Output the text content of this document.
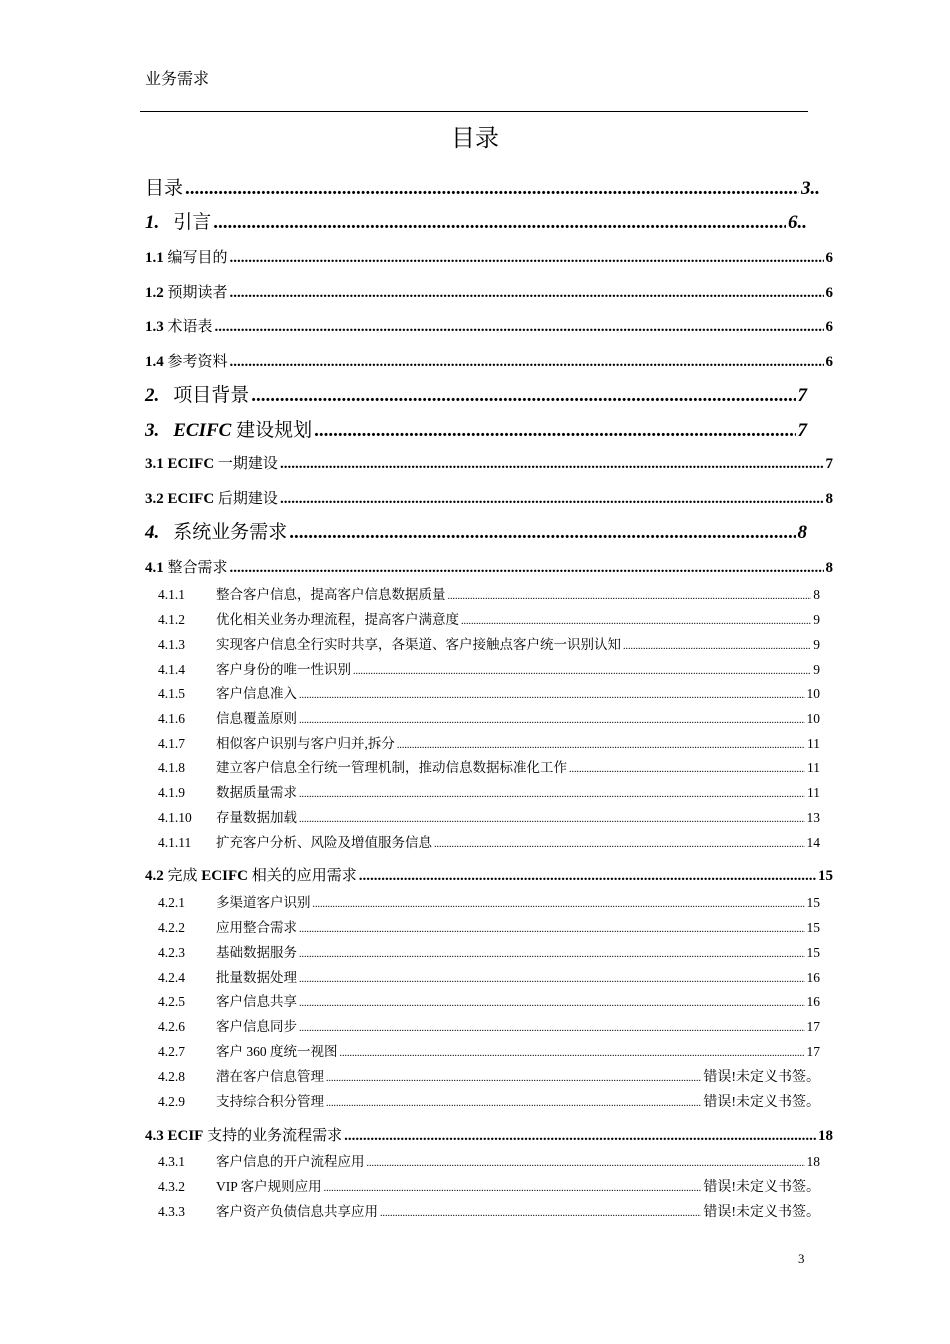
业务需求
目录
目录 .....	3..
1. 引言 .....	6..
1.1 编写目的 .....	6
1.2 预期读者 .....	6
1.3 术语表 .....	6
1.4 参考资料 .....	6
2. 项目背景 .....	7
3. ECIFC 建设规划 .....	7
3.1 ECIFC 一期建设 .....	7
3.2 ECIFC 后期建设 .....	8
4. 系统业务需求 .....	8
4.1 整合需求 .....	8
4.1.1 整合客户信息，提高客户信息数据质量 .....	8
4.1.2 优化相关业务办理流程，提高客户满意度 .....	9
4.1.3 实现客户信息全行实时共享，各渠道、客户接触点客户统一识别认知 .....	9
4.1.4 客户身份的唯一性识别 .....	9
4.1.5 客户信息准入 .....	10
4.1.6 信息覆盖原则 .....	10
4.1.7 相似客户识别与客户归并,拆分 .....	11
4.1.8 建立客户信息全行统一管理机制，推动信息数据标准化工作 .....	11
4.1.9 数据质量需求 .....	11
4.1.10 存量数据加载 .....	13
4.1.11 扩充客户分析、风险及增值服务信息 .....	14
4.2 完成 ECIFC 相关的应用需求 .....	15
4.2.1 多渠道客户识别 .....	15
4.2.2 应用整合需求 .....	15
4.2.3 基础数据服务 .....	15
4.2.4 批量数据处理 .....	16
4.2.5 客户信息共享 .....	16
4.2.6 客户信息同步 .....	17
4.2.7 客户 360 度统一视图 .....	17
4.2.8 潜在客户信息管理 .....	错误!未定义书签。
4.2.9 支持综合积分管理 .....	错误!未定义书签。
4.3 ECIF 支持的业务流程需求 .....	18
4.3.1 客户信息的开户流程应用 .....	18
4.3.2 VIP 客户规则应用 .....	错误!未定义书签。
4.3.3 客户资产负债信息共享应用 .....	错误!未定义书签。
3
